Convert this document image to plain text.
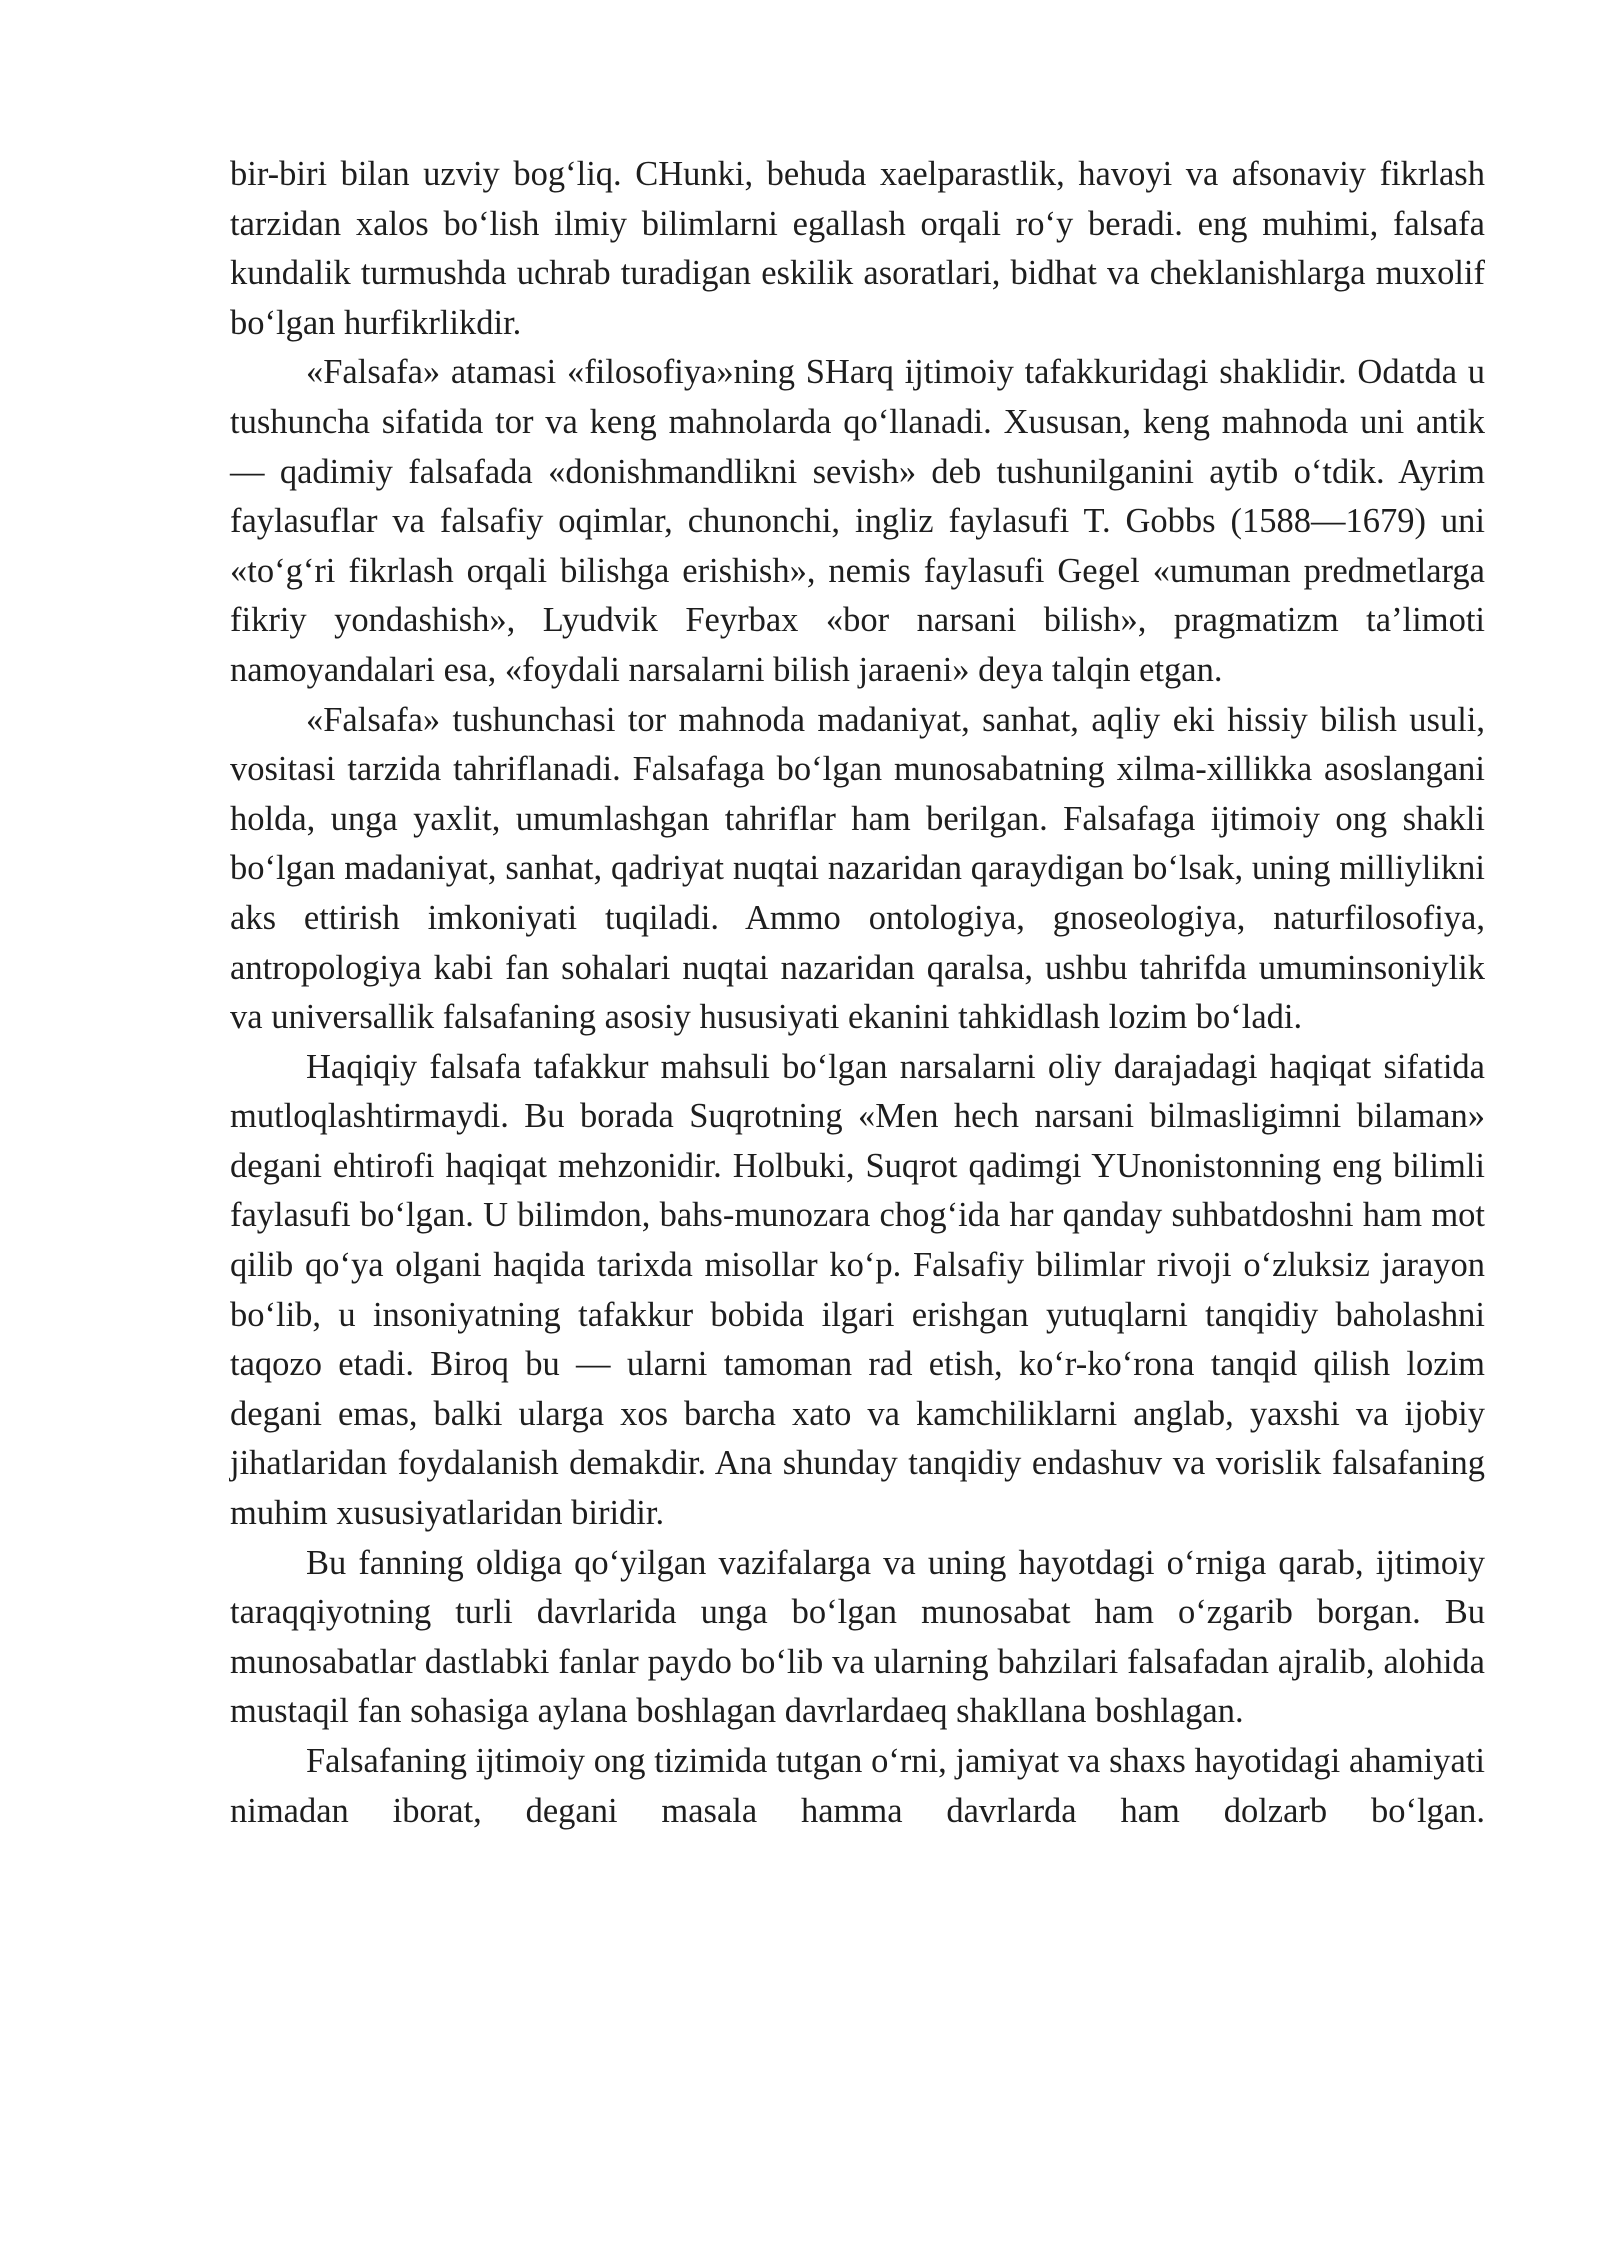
bir-biri bilan uzviy bog‘liq. CHunki, behuda xaelparastlik, havoyi va afsonaviy fikrlash tarzidan xalos bo‘lish ilmiy bilimlarni egallash orqali ro‘y beradi. eng muhimi, falsafa kundalik turmushda uchrab turadigan eskilik asoratlari, bidhat va cheklanishlarga muxolif bo‘lgan hurfikrlikdir.

«Falsafa» atamasi «filosofiya»ning SHarq ijtimoiy tafakkuridagi shaklidir. Odatda u tushuncha sifatida tor va keng mahnolarda qo‘llanadi. Xususan, keng mahnoda uni antik — qadimiy falsafada «donishmandlikni sevish» deb tushunilganini aytib o‘tdik. Ayrim faylasuflar va falsafiy oqimlar, chunonchi, ingliz faylasufi T. Gobbs (1588—1679) uni «to‘g‘ri fikrlash orqali bilishga erishish», nemis faylasufi Gegel «umuman predmetlarga fikriy yondashish», Lyudvik Feyrbax «bor narsani bilish», pragmatizm ta’limoti namoyandalari esa, «foydali narsalarni bilish jaraeni» deya talqin etgan.

«Falsafa» tushunchasi tor mahnoda madaniyat, sanhat, aqliy eki hissiy bilish usuli, vositasi tarzida tahriflanadi. Falsafaga bo‘lgan munosabatning xilma-xillikka asoslangani holda, unga yaxlit, umumlashgan tahriflar ham berilgan. Falsafaga ijtimoiy ong shakli bo‘lgan madaniyat, sanhat, qadriyat nuqtai nazaridan qaraydigan bo‘lsak, uning milliylikni aks ettirish imkoniyati tuqiladi. Ammo ontologiya, gnoseologiya, naturfilosofiya, antropologiya kabi fan sohalari nuqtai nazaridan qaralsa, ushbu tahrifda umuminsoniylik va universallik falsafaning asosiy hususiyati ekanini tahkidlash lozim bo‘ladi.

Haqiqiy falsafa tafakkur mahsuli bo‘lgan narsalarni oliy darajadagi haqiqat sifatida mutloqlashtirmaydi. Bu borada Suqrotning «Men hech narsani bilmasligimni bilaman» degani ehtirofi haqiqat mehzonidir. Holbuki, Suqrot qadimgi YUnonistonning eng bilimli faylasufi bo‘lgan. U bilimdon, bahs-munozara chog‘ida har qanday suhbatdoshni ham mot qilib qo‘ya olgani haqida tarixda misollar ko‘p. Falsafiy bilimlar rivoji o‘zluksiz jarayon bo‘lib, u insoniyatning tafakkur bobida ilgari erishgan yutuqlarni tanqidiy baholashni taqozo etadi. Biroq bu — ularni tamoman rad etish, ko‘r-ko‘rona tanqid qilish lozim degani emas, balki ularga xos barcha xato va kamchiliklarni anglab, yaxshi va ijobiy jihatlaridan foydalanish demakdir. Ana shunday tanqidiy endashuv va vorislik falsafaning muhim xususiyatlaridan biridir.

Bu fanning oldiga qo‘yilgan vazifalarga va uning hayotdagi o‘rniga qarab, ijtimoiy taraqqiyotning turli davrlarida unga bo‘lgan munosabat ham o‘zgarib borgan. Bu munosabatlar dastlabki fanlar paydo bo‘lib va ularning bahzilari falsafadan ajralib, alohida mustaqil fan sohasiga aylana boshlagan davrlardaeq shakllana boshlagan.

Falsafaning ijtimoiy ong tizimida tutgan o‘rni, jamiyat va shaxs hayotidagi ahamiyati nimadan iborat, degani masala hamma davrlarda ham dolzarb bo‘lgan.
